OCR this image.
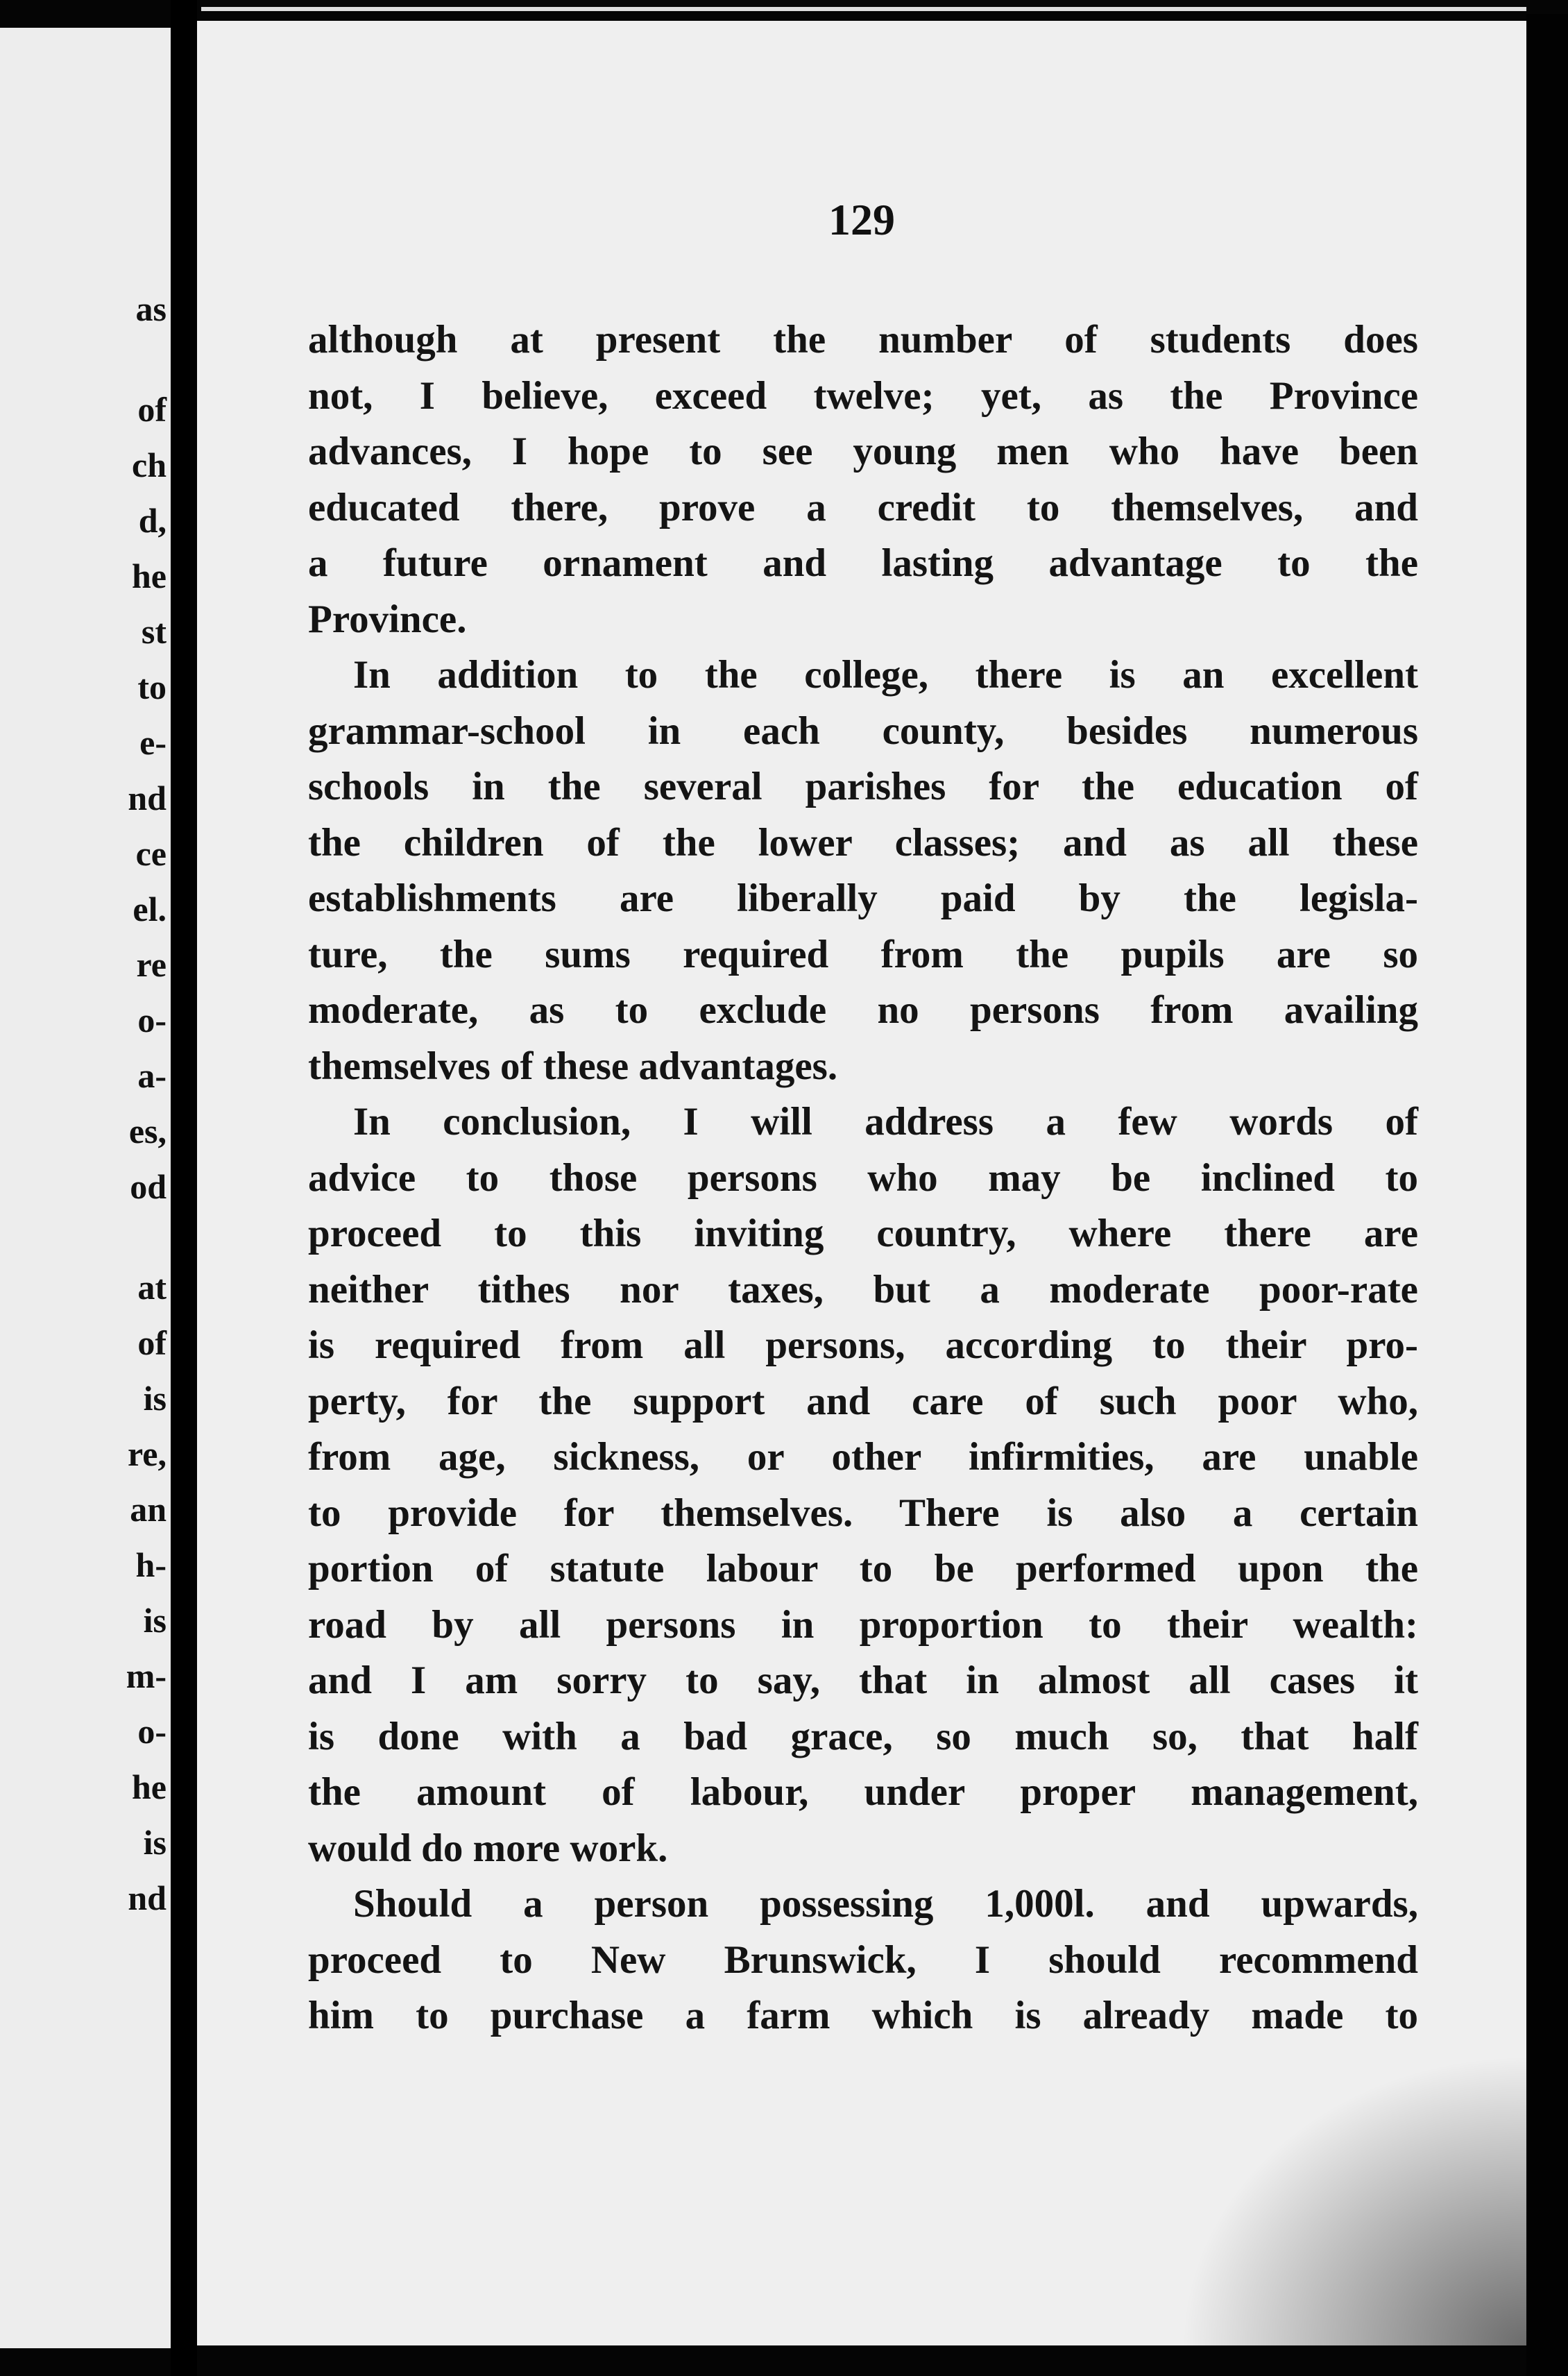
as
of
ch
d,
he
st
to
e-
nd
ce
el.
re
o-
a-
es,
od
at
of
is
re,
an
h-
is
m-
o-
he
is
nd
129
although at present the number of students does
not, I believe, exceed twelve; yet, as the Province
advances, I hope to see young men who have been
educated there, prove a credit to themselves, and
a future ornament and lasting advantage to the
Province.
In addition to the college, there is an excellent
grammar-school in each county, besides numerous
schools in the several parishes for the education of
the children of the lower classes; and as all these
establishments are liberally paid by the legisla-
ture, the sums required from the pupils are so
moderate, as to exclude no persons from availing
themselves of these advantages.
In conclusion, I will address a few words of
advice to those persons who may be inclined to
proceed to this inviting country, where there are
neither tithes nor taxes, but a moderate poor-rate
is required from all persons, according to their pro-
perty, for the support and care of such poor who,
from age, sickness, or other infirmities, are unable
to provide for themselves. There is also a certain
portion of statute labour to be performed upon the
road by all persons in proportion to their wealth:
and I am sorry to say, that in almost all cases it
is done with a bad grace, so much so, that half
the amount of labour, under proper management,
would do more work.
Should a person possessing 1,000l. and upwards,
proceed to New Brunswick, I should recommend
him to purchase a farm which is already made to
